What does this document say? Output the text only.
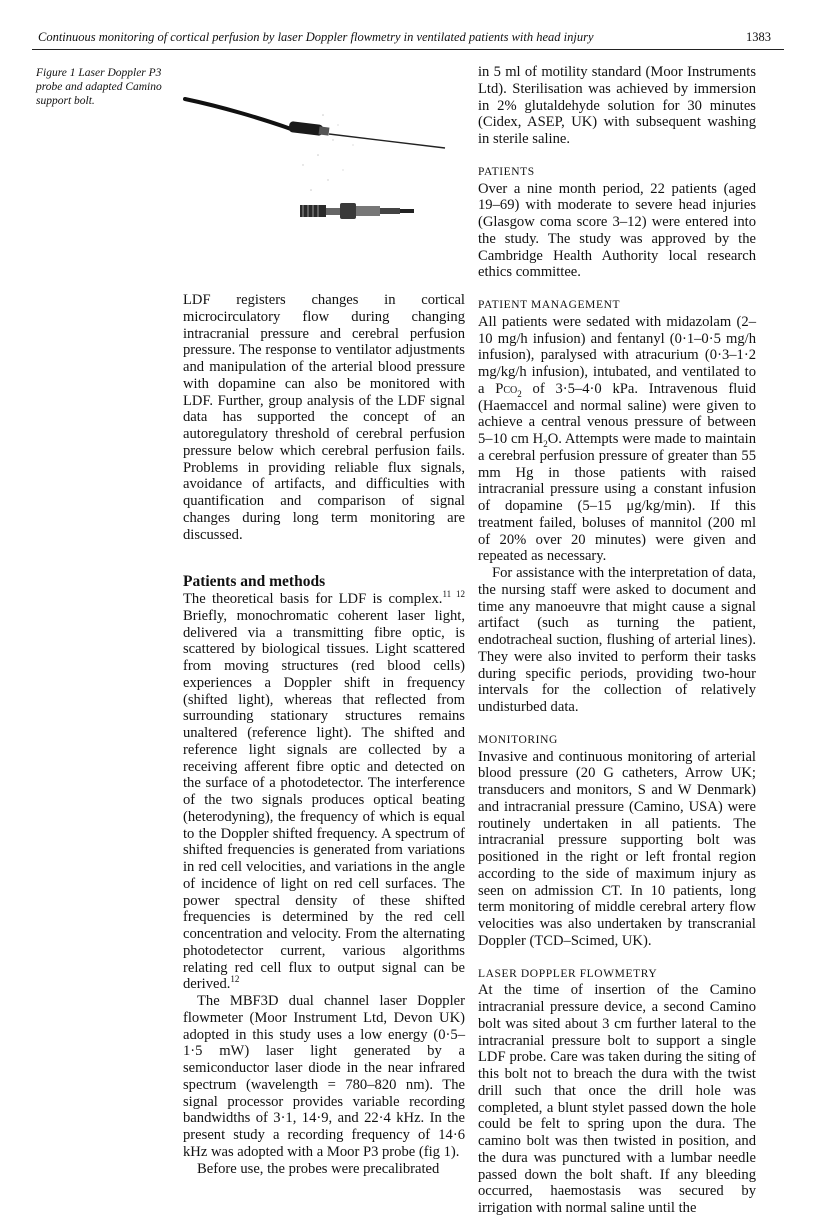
Continuous monitoring of cortical perfusion by laser Doppler flowmetry in ventilated patients with head injury	1383
Figure 1 Laser Doppler P3 probe and adapted Camino support bolt.

LDF registers changes in cortical microcirculatory flow during changing intracranial pressure and cerebral perfusion pressure. The response to ventilator adjustments and manipulation of the arterial blood pressure with dopamine can also be monitored with LDF. Further, group analysis of the LDF signal data has supported the concept of an autoregulatory threshold of cerebral perfusion pressure below which cerebral perfusion fails. Problems in providing reliable flux signals, avoidance of artifacts, and difficulties with quantification and comparison of signal changes during long term monitoring are discussed.

Patients and methods

The theoretical basis for LDF is complex.$^{11 12}$ Briefly, monochromatic coherent laser light, delivered via a transmitting fibre optic, is scattered by biological tissues. Light scattered from moving structures (red blood cells) experiences a Doppler shift in frequency (shifted light), whereas that reflected from surrounding stationary structures remains unaltered (reference light). The shifted and reference light signals are collected by a receiving afferent fibre optic and detected on the surface of a photodetector. The interference of the two signals produces optical beating (heterodyning), the frequency of which is equal to the Doppler shifted frequency. A spectrum of shifted frequencies is generated from variations in red cell velocities, and variations in the angle of incidence of light on red cell surfaces. The power spectral density of these shifted frequencies is determined by the red cell concentration and velocity. From the alternating photodetector current, various algorithms relating red cell flux to output signal can be derived.$^{12}$

The MBF3D dual channel laser Doppler flowmeter (Moor Instrument Ltd, Devon UK) adopted in this study uses a low energy (0·5–1·5 mW) laser light generated by a semiconductor laser diode in the near infrared spectrum (wavelength = 780–820 nm). The signal processor provides variable recording bandwidths of 3·1, 14·9, and 22·4 kHz. In the present study a recording frequency of 14·6 kHz was adopted with a Moor P3 probe (fig 1).

Before use, the probes were precalibrated

in 5 ml of motility standard (Moor Instruments Ltd). Sterilisation was achieved by immersion in 2% glutaldehyde solution for 30 minutes (Cidex, ASEP, UK) with subsequent washing in sterile saline.

PATIENTS

Over a nine month period, 22 patients (aged 19–69) with moderate to severe head injuries (Glasgow coma score 3–12) were entered into the study. The study was approved by the Cambridge Health Authority local research ethics committee.

PATIENT MANAGEMENT

All patients were sedated with midazolam (2–10 mg/h infusion) and fentanyl (0·1–0·5 mg/h infusion), paralysed with atracurium (0·3–1·2 mg/kg/h infusion), intubated, and ventilated to a Pco$_2$ of 3·5–4·0 kPa. Intravenous fluid (Haemaccel and normal saline) were given to achieve a central venous pressure of between 5–10 cm $H_2O$. Attempts were made to maintain a cerebral perfusion pressure of greater than 55 mm Hg in those patients with raised intracranial pressure using a constant infusion of dopamine (5–15 μg/kg/min). If this treatment failed, boluses of mannitol (200 ml of 20% over 20 minutes) were given and repeated as necessary.

For assistance with the interpretation of data, the nursing staff were asked to document and time any manoeuvre that might cause a signal artifact (such as turning the patient, endotracheal suction, flushing of arterial lines). They were also invited to perform their tasks during specific periods, providing two-hour intervals for the collection of relatively undisturbed data.

MONITORING

Invasive and continuous monitoring of arterial blood pressure (20 G catheters, Arrow UK; transducers and monitors, S and W Denmark) and intracranial pressure (Camino, USA) were routinely undertaken in all patients. The intracranial pressure supporting bolt was positioned in the right or left frontal region according to the side of maximum injury as seen on admission CT. In 10 patients, long term monitoring of middle cerebral artery flow velocities was also undertaken by transcranial Doppler (TCD–Scimed, UK).

LASER DOPPLER FLOWMETRY

At the time of insertion of the Camino intracranial pressure device, a second Camino bolt was sited about 3 cm further lateral to the intracranial pressure bolt to support a single LDF probe. Care was taken during the siting of this bolt not to breach the dura with the twist drill such that once the drill hole was completed, a blunt stylet passed down the hole could be felt to spring upon the dura. The camino bolt was then twisted in position, and the dura was punctured with a lumbar needle passed down the bolt shaft. If any bleeding occurred, haemostasis was secured by irrigation with normal saline until the
